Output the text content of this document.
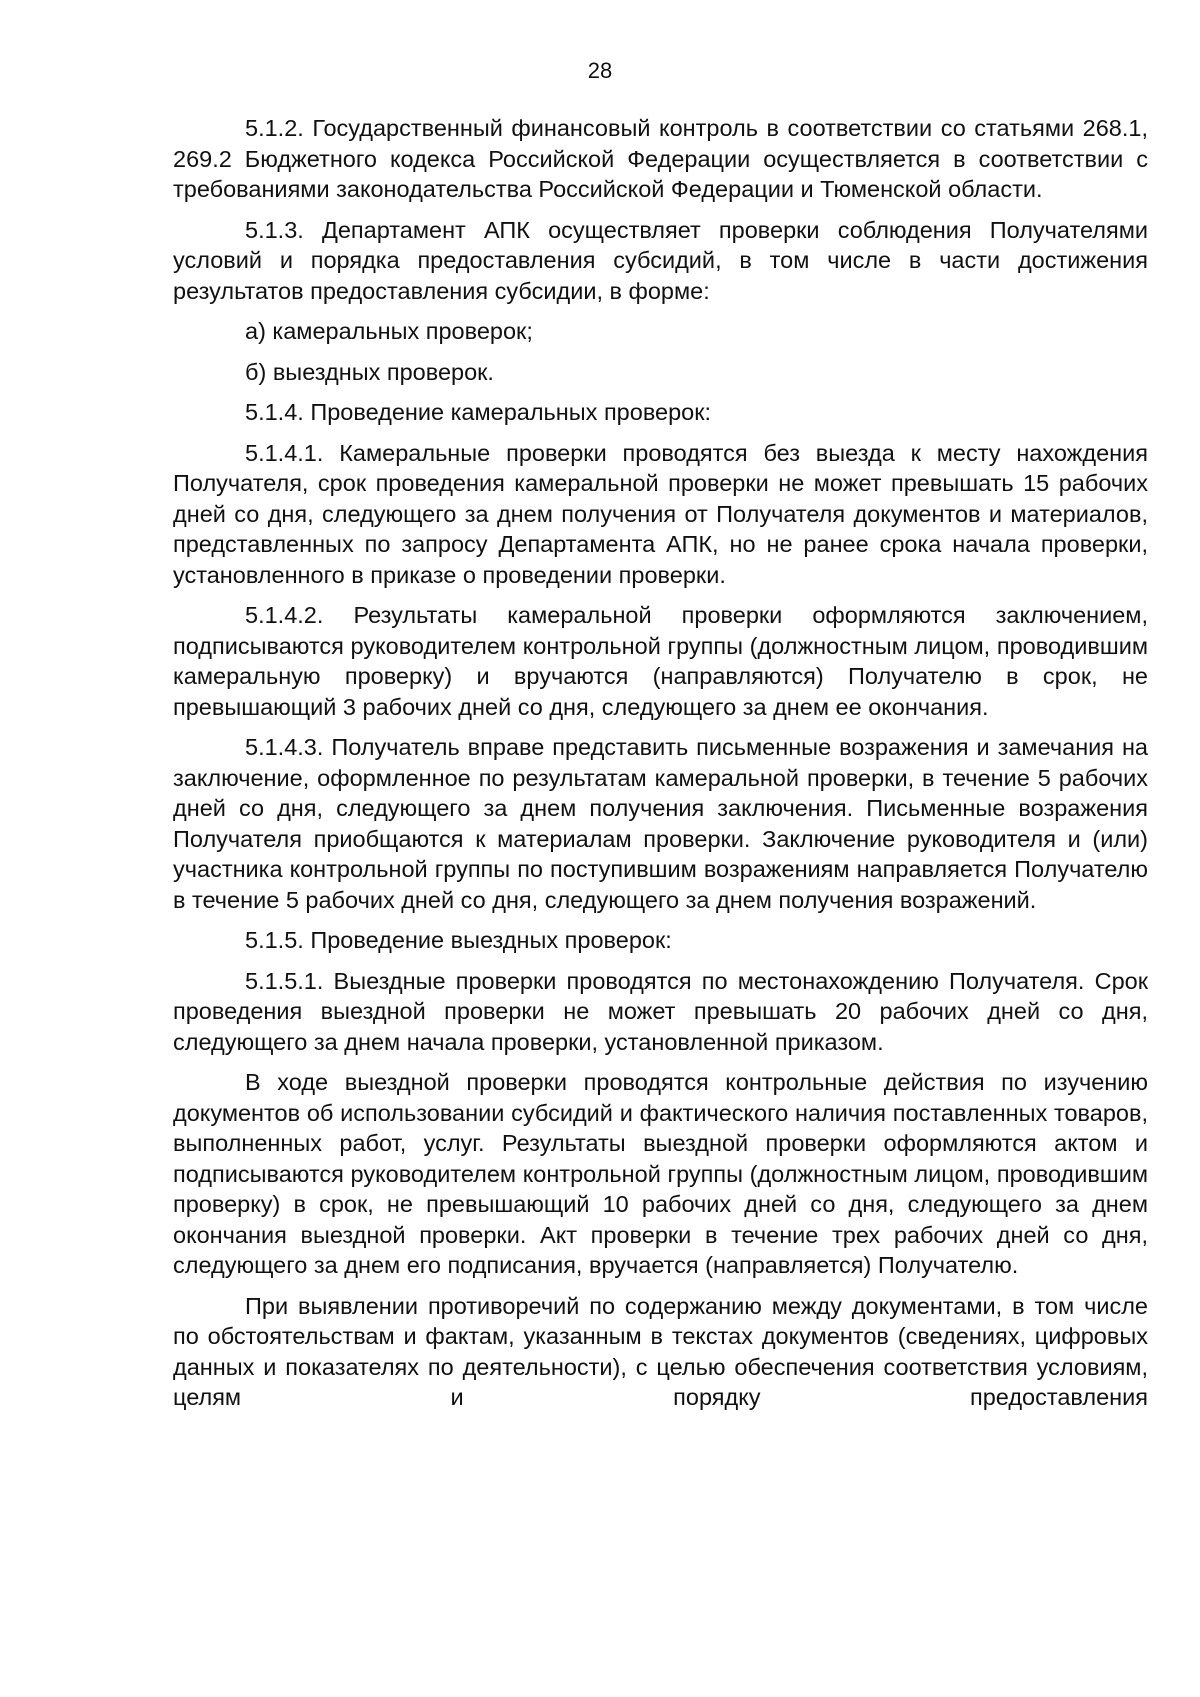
28

5.1.2. Государственный финансовый контроль в соответствии со статьями 268.1, 269.2 Бюджетного кодекса Российской Федерации осуществляется в соответствии с требованиями законодательства Российской Федерации и Тюменской области.

5.1.3. Департамент АПК осуществляет проверки соблюдения Получателями условий и порядка предоставления субсидий, в том числе в части достижения результатов предоставления субсидии, в форме:

а) камеральных проверок;

б) выездных проверок.

5.1.4. Проведение камеральных проверок:

5.1.4.1. Камеральные проверки проводятся без выезда к месту нахождения Получателя, срок проведения камеральной проверки не может превышать 15 рабочих дней со дня, следующего за днем получения от Получателя документов и материалов, представленных по запросу Департамента АПК, но не ранее срока начала проверки, установленного в приказе о проведении проверки.

5.1.4.2. Результаты камеральной проверки оформляются заключением, подписываются руководителем контрольной группы (должностным лицом, проводившим камеральную проверку) и вручаются (направляются) Получателю в срок, не превышающий 3 рабочих дней со дня, следующего за днем ее окончания.

5.1.4.3. Получатель вправе представить письменные возражения и замечания на заключение, оформленное по результатам камеральной проверки, в течение 5 рабочих дней со дня, следующего за днем получения заключения. Письменные возражения Получателя приобщаются к материалам проверки. Заключение руководителя и (или) участника контрольной группы по поступившим возражениям направляется Получателю в течение 5 рабочих дней со дня, следующего за днем получения возражений.

5.1.5. Проведение выездных проверок:

5.1.5.1. Выездные проверки проводятся по местонахождению Получателя. Срок проведения выездной проверки не может превышать 20 рабочих дней со дня, следующего за днем начала проверки, установленной приказом.

В ходе выездной проверки проводятся контрольные действия по изучению документов об использовании субсидий и фактического наличия поставленных товаров, выполненных работ, услуг. Результаты выездной проверки оформляются актом и подписываются руководителем контрольной группы (должностным лицом, проводившим проверку) в срок, не превышающий 10 рабочих дней со дня, следующего за днем окончания выездной проверки. Акт проверки в течение трех рабочих дней со дня, следующего за днем его подписания, вручается (направляется) Получателю.

При выявлении противоречий по содержанию между документами, в том числе по обстоятельствам и фактам, указанным в текстах документов (сведениях, цифровых данных и показателях по деятельности), с целью обеспечения соответствия условиям, целям и порядку предоставления
